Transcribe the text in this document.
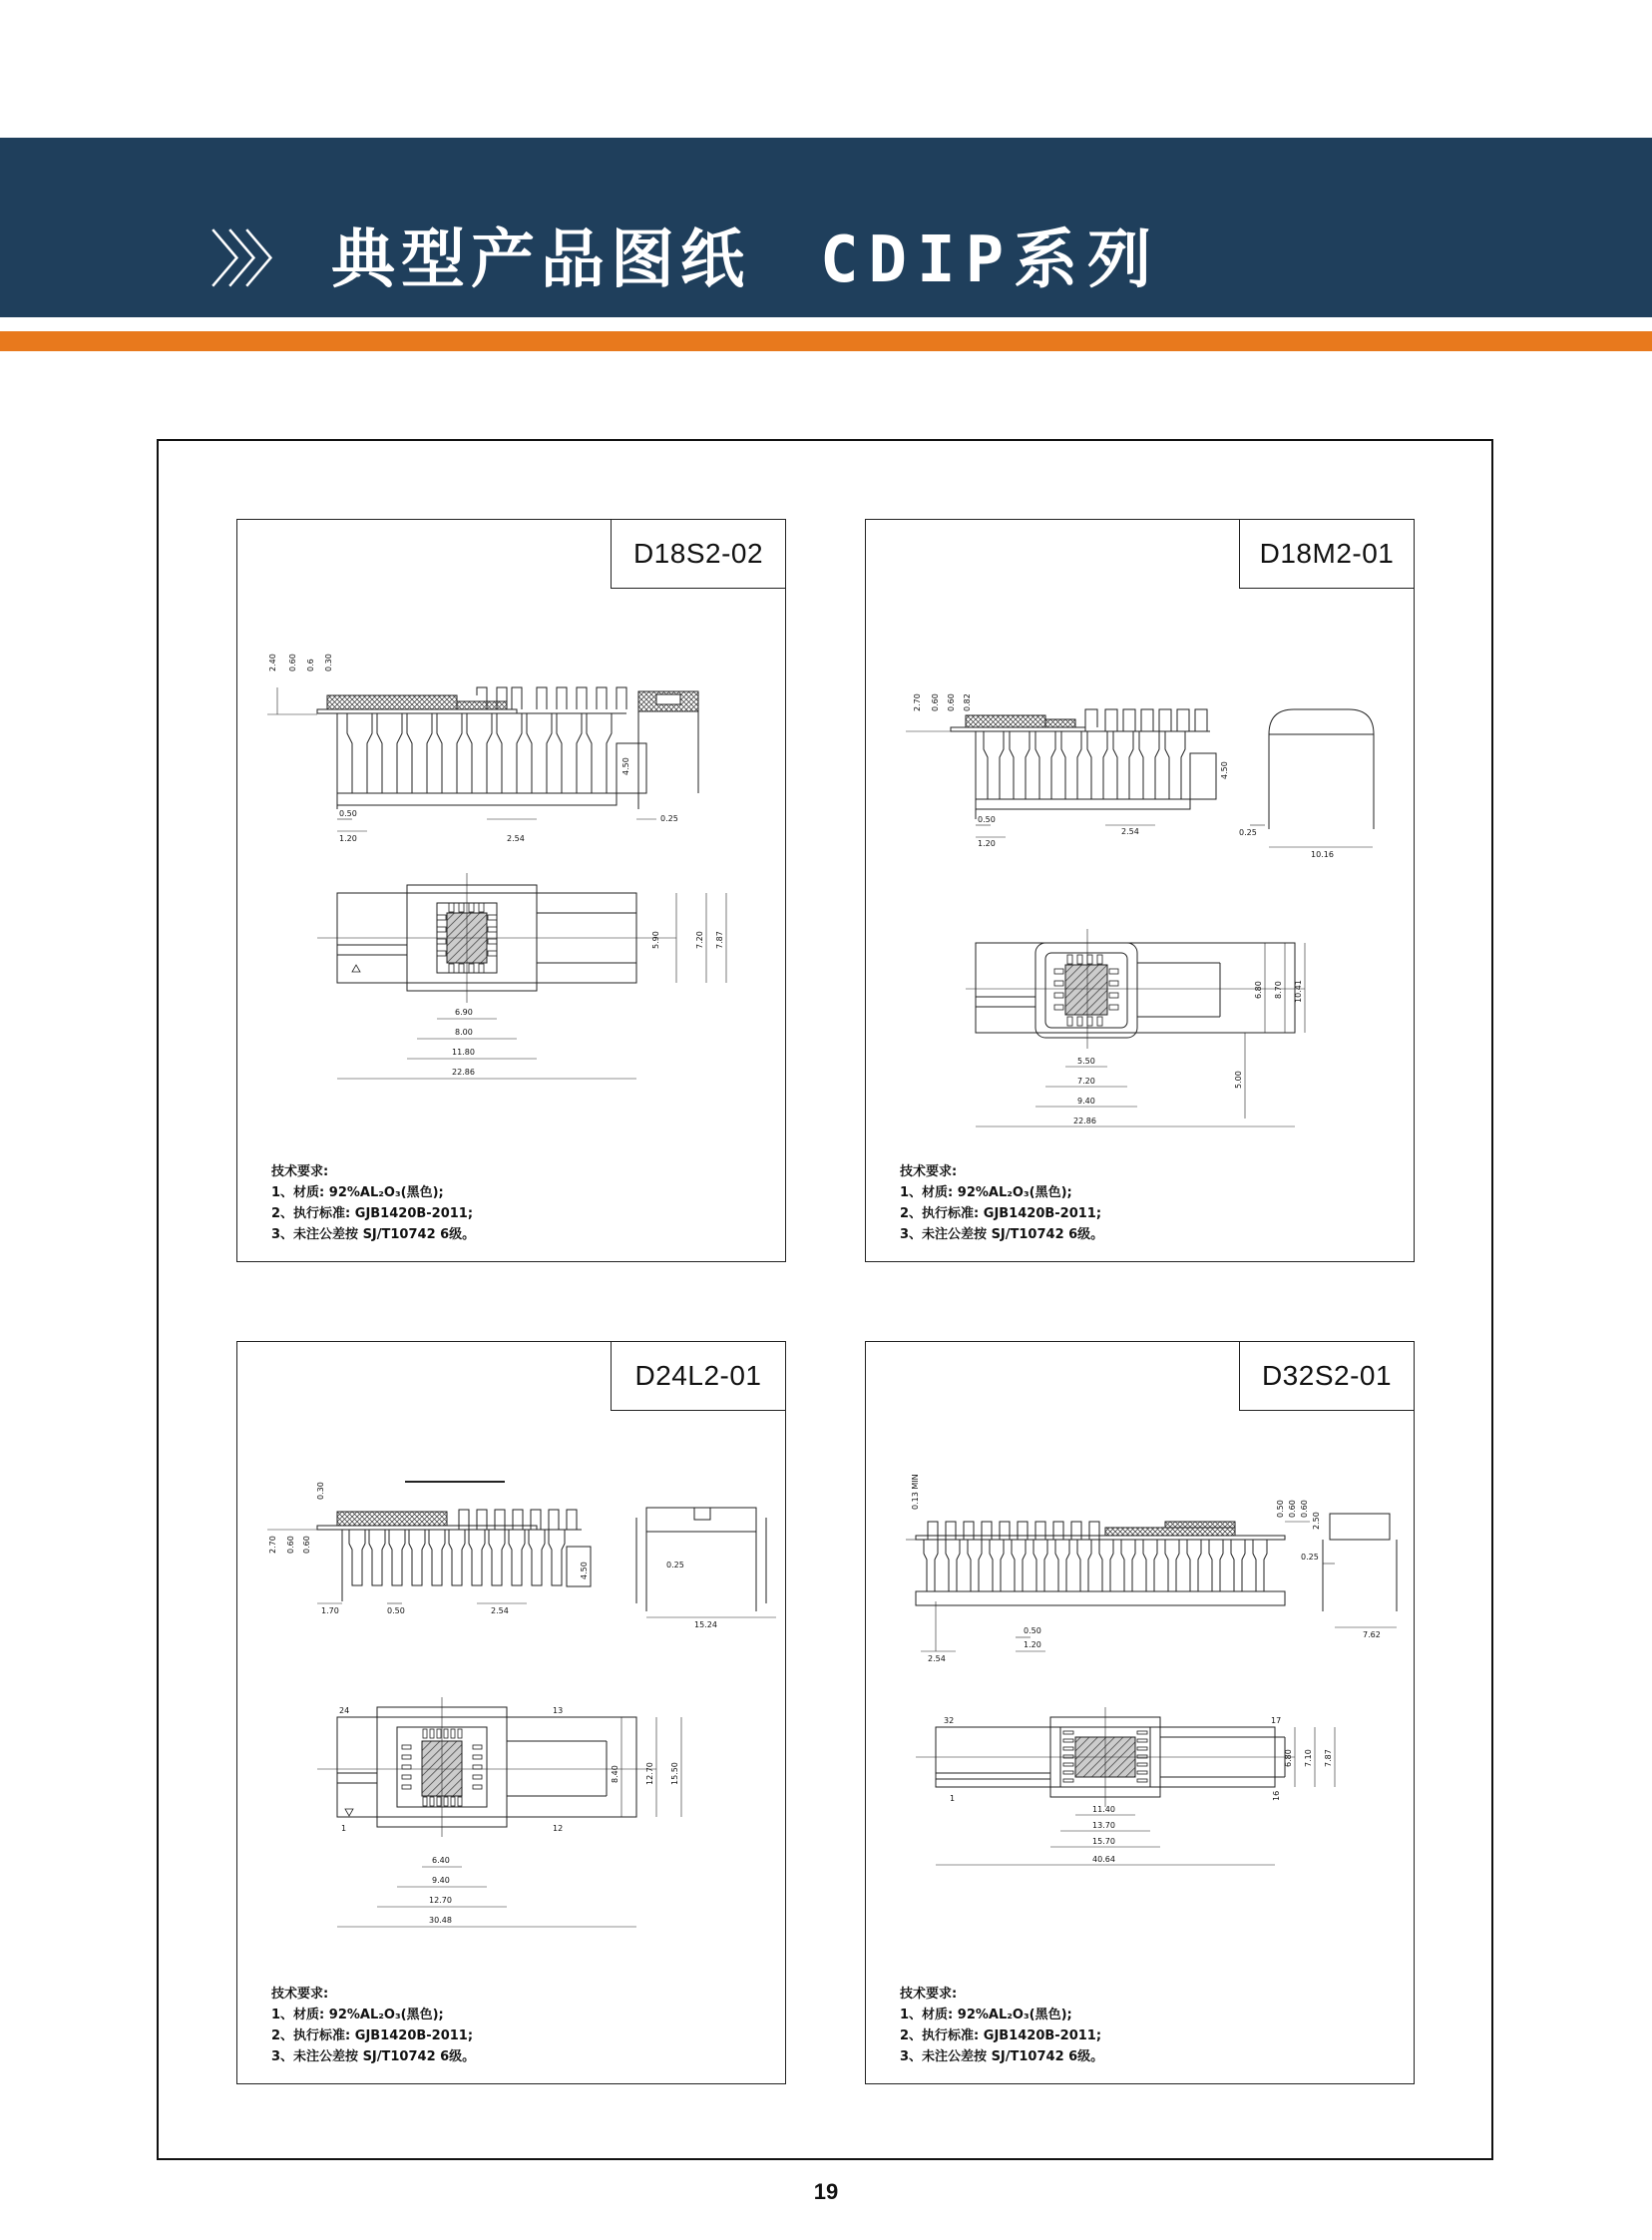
〉〉〉 典型产品图纸 CDIP系列
D18S2-02
2.40 0.60 0.6 0.30
4.50
0.50
1.20	2.54
0.25
5.90	7.20 7.87
6.90
8.00
11.80
22.86
技术要求:
1、材质: 92%AL₂O₃(黑色);
2、执行标准: GJB1420B-2011;
3、未注公差按 SJ/T10742 6级。
D18M2-01
2.70 0.60 0.60 0.82
4.50
0.50
1.20
2.54	0.25
10.16
6.80 8.70 10.41
5.00
5.50
7.20
9.40
22.86
技术要求:
1、材质: 92%AL₂O₃(黑色);
2、执行标准: GJB1420B-2011;
3、未注公差按 SJ/T10742 6级。
D24L2-01
0.30
2.70 0.60 0.60
4.50
1.70	0.50	2.54
0.25
15.24
24	13
1	12
8.40	12.70 15.50
6.40
9.40
12.70
30.48
技术要求:
1、材质: 92%AL₂O₃(黑色);
2、执行标准: GJB1420B-2011;
3、未注公差按 SJ/T10742 6级。
D32S2-01
0.13 MIN	0.50 0.60 0.60
2.50
0.25
7.62
0.50
1.20
2.54
32	17
1	16
6.80 7.10 7.87
11.40
13.70
15.70
40.64
技术要求:
1、材质: 92%AL₂O₃(黑色);
2、执行标准: GJB1420B-2011;
3、未注公差按 SJ/T10742 6级。
19
